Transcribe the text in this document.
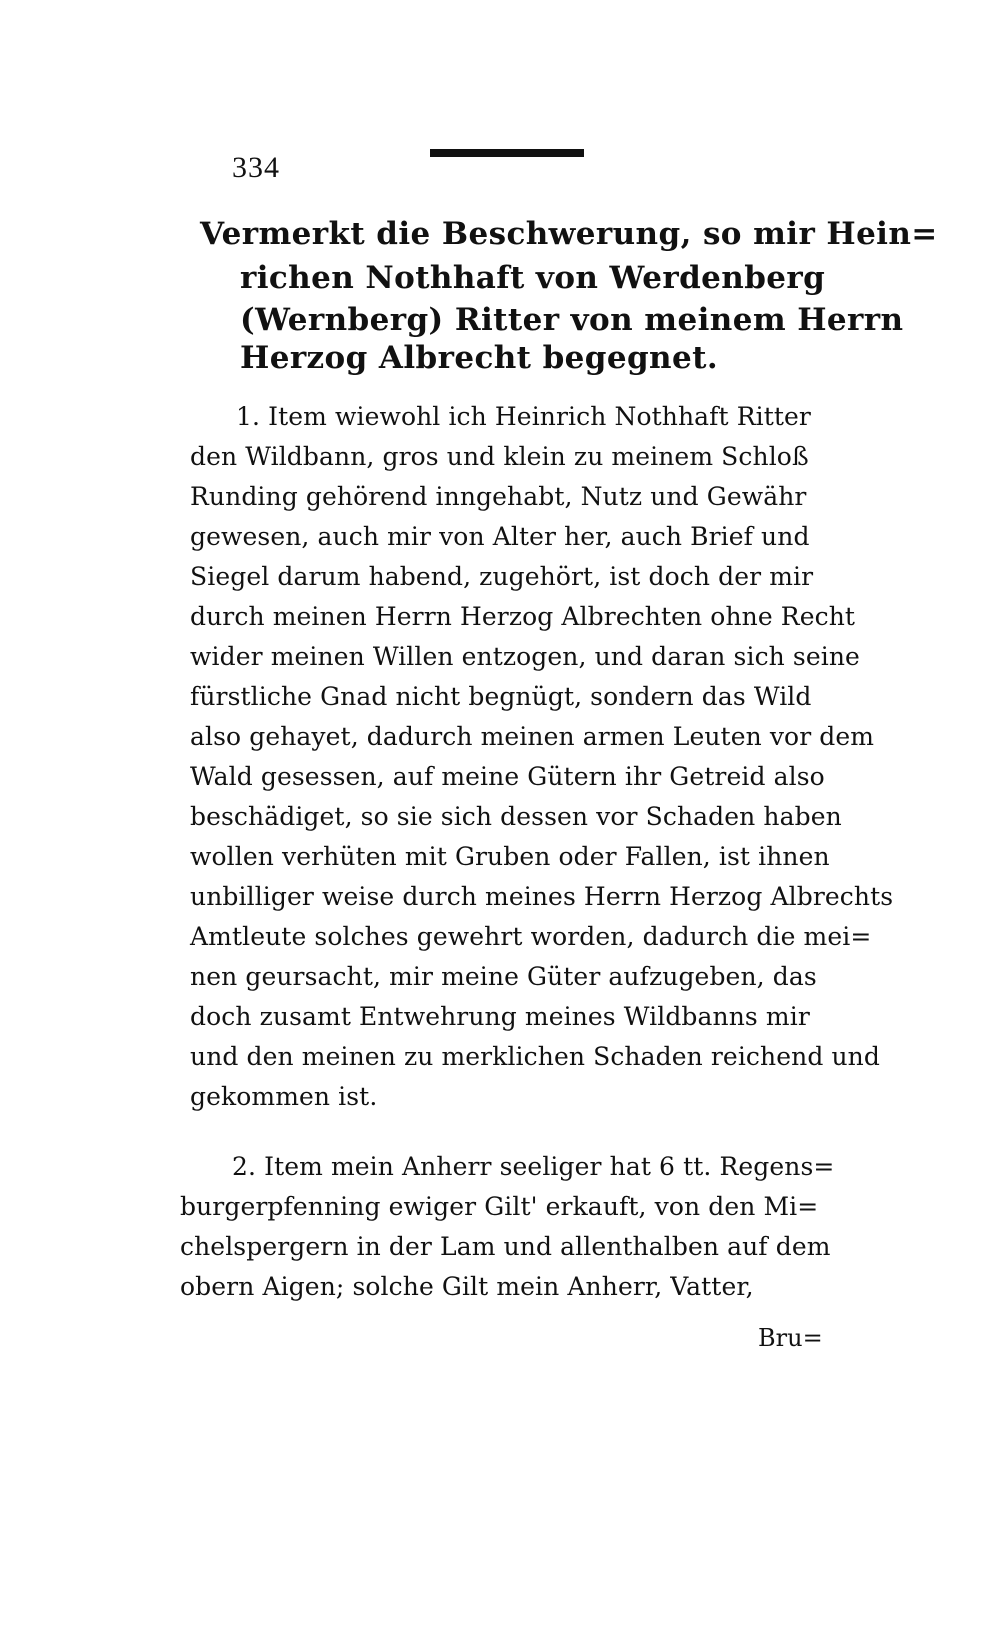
334
Vermerkt die Beschwerung, so mir Hein=
richen Nothhaft von Werdenberg
(Wernberg) Ritter von meinem Herrn
Herzog Albrecht begegnet.
1. Item wiewohl ich Heinrich Nothhaft Ritter
den Wildbann, gros und klein zu meinem Schloß
Runding gehörend inngehabt, Nutz und Gewähr
gewesen, auch mir von Alter her, auch Brief und
Siegel darum habend, zugehört, ist doch der mir
durch meinen Herrn Herzog Albrechten ohne Recht
wider meinen Willen entzogen, und daran sich seine
fürstliche Gnad nicht begnügt, sondern das Wild
also gehayet, dadurch meinen armen Leuten vor dem
Wald gesessen, auf meine Gütern ihr Getreid also
beschädiget, so sie sich dessen vor Schaden haben
wollen verhüten mit Gruben oder Fallen, ist ihnen
unbilliger weise durch meines Herrn Herzog Albrechts
Amtleute solches gewehrt worden, dadurch die mei=
nen geursacht, mir meine Güter aufzugeben, das
doch zusamt Entwehrung meines Wildbanns mir
und den meinen zu merklichen Schaden reichend und
gekommen ist.
2. Item mein Anherr seeliger hat 6 tt. Regens=
burgerpfenning ewiger Gilt' erkauft, von den Mi=
chelspergern in der Lam und allenthalben auf dem
obern Aigen; solche Gilt mein Anherr, Vatter,
Bru=
